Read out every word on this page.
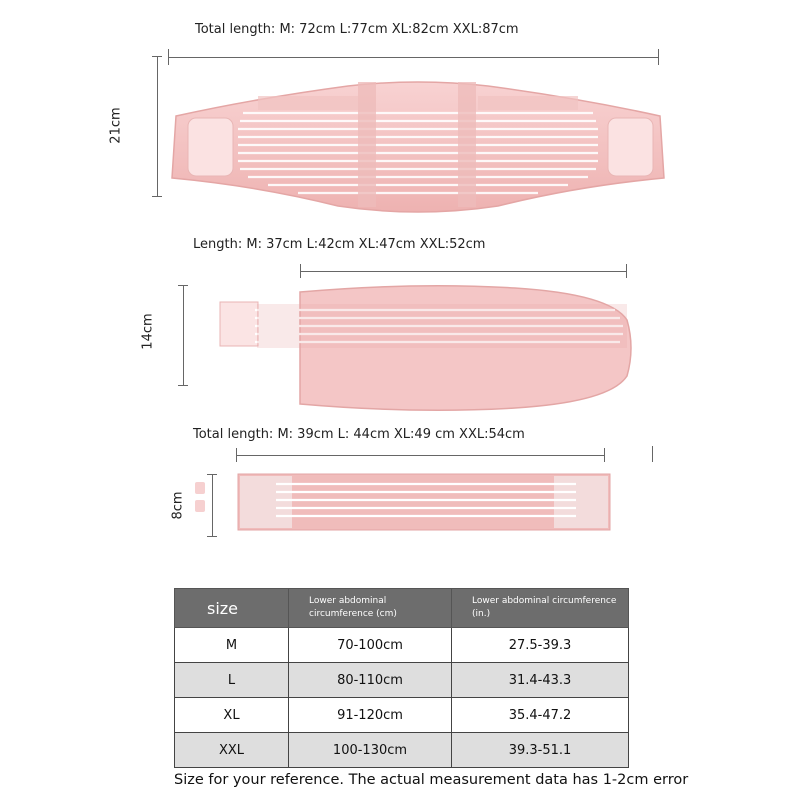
Total length: M: 72cm L:77cm XL:82cm XXL:87cm
21cm
Length: M: 37cm L:42cm XL:47cm XXL:52cm
14cm
Total length: M: 39cm L: 44cm XL:49 cm XXL:54cm
8cm
size	Lower abdominal circumference (cm)	Lower abdominal circumference (in.)
M	70-100cm	27.5-39.3
L	80-110cm	31.4-43.3
XL	91-120cm	35.4-47.2
XXL	100-130cm	39.3-51.1
Size for your reference. The actual measurement data has 1-2cm error
